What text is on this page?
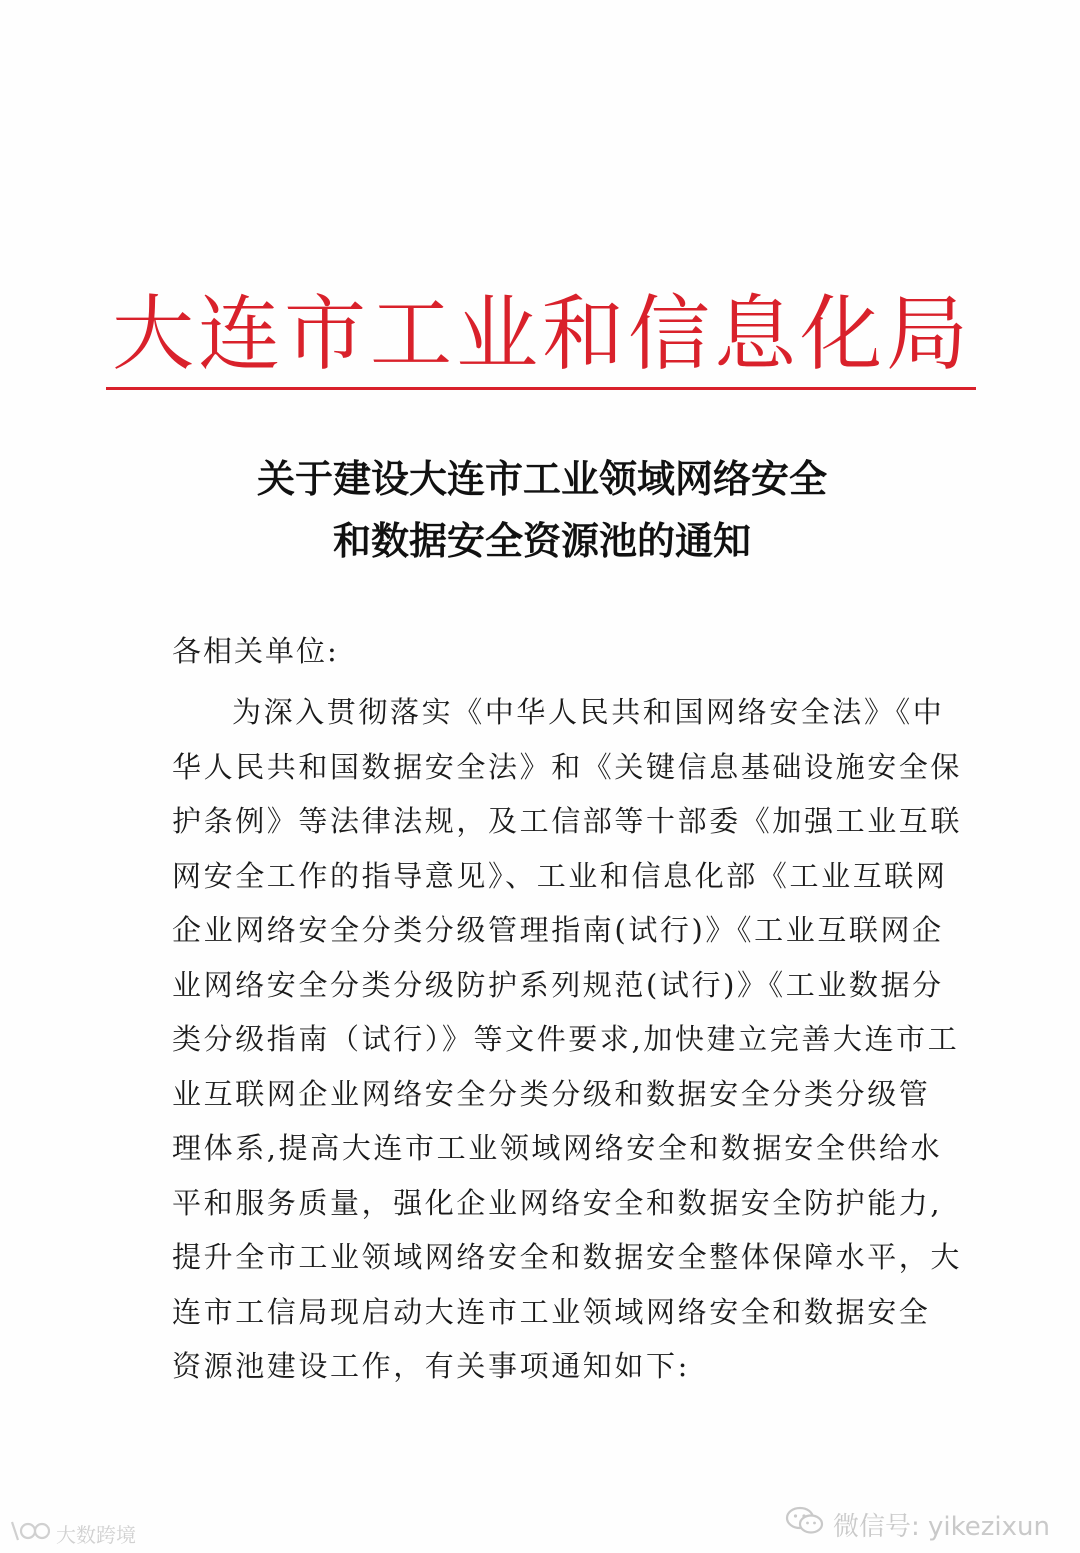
大连市工业和信息化局
关于建设大连市工业领域网络安全
和数据安全资源池的通知
各相关单位:
为深入贯彻落实《中华人民共和国网络安全法》《中
华人民共和国数据安全法》和《关键信息基础设施安全保
护条例》等法律法规，及工信部等十部委《加强工业互联
网安全工作的指导意见》、工业和信息化部《工业互联网
企业网络安全分类分级管理指南(试行)》《工业互联网企
业网络安全分类分级防护系列规范(试行)》《工业数据分
类分级指南（试行）》等文件要求,加快建立完善大连市工
业互联网企业网络安全分类分级和数据安全分类分级管
理体系,提高大连市工业领域网络安全和数据安全供给水
平和服务质量，强化企业网络安全和数据安全防护能力,
提升全市工业领域网络安全和数据安全整体保障水平，大
连市工信局现启动大连市工业领域网络安全和数据安全
资源池建设工作，有关事项通知如下:
微信号: yikezixun
大数跨境
